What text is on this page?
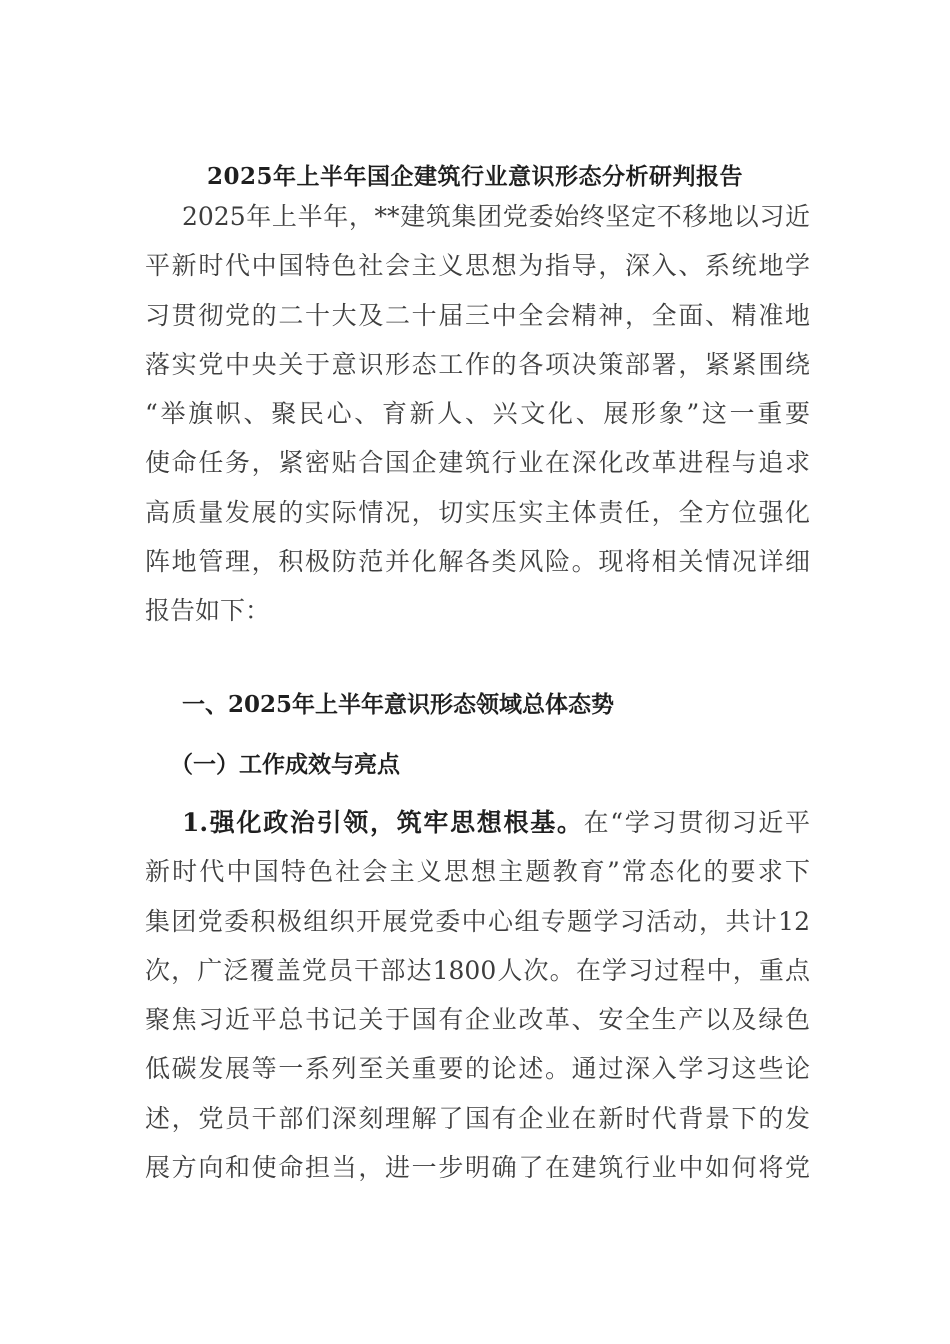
2025年上半年国企建筑行业意识形态分析研判报告
2025年上半年，**建筑集团党委始终坚定不移地以习近
平新时代中国特色社会主义思想为指导，深入、系统地学
习贯彻党的二十大及二十届三中全会精神，全面、精准地
落实党中央关于意识形态工作的各项决策部署，紧紧围绕
“举旗帜、聚民心、育新人、兴文化、展形象”这一重要
使命任务，紧密贴合国企建筑行业在深化改革进程与追求
高质量发展的实际情况，切实压实主体责任，全方位强化
阵地管理，积极防范并化解各类风险。现将相关情况详细
报告如下：
一、2025年上半年意识形态领域总体态势
（一）工作成效与亮点
1.强化政治引领，筑牢思想根基。在“学习贯彻习近平
新时代中国特色社会主义思想主题教育”常态化的要求下
集团党委积极组织开展党委中心组专题学习活动，共计12
次，广泛覆盖党员干部达1800人次。在学习过程中，重点
聚焦习近平总书记关于国有企业改革、安全生产以及绿色
低碳发展等一系列至关重要的论述。通过深入学习这些论
述，党员干部们深刻理解了国有企业在新时代背景下的发
展方向和使命担当，进一步明确了在建筑行业中如何将党
